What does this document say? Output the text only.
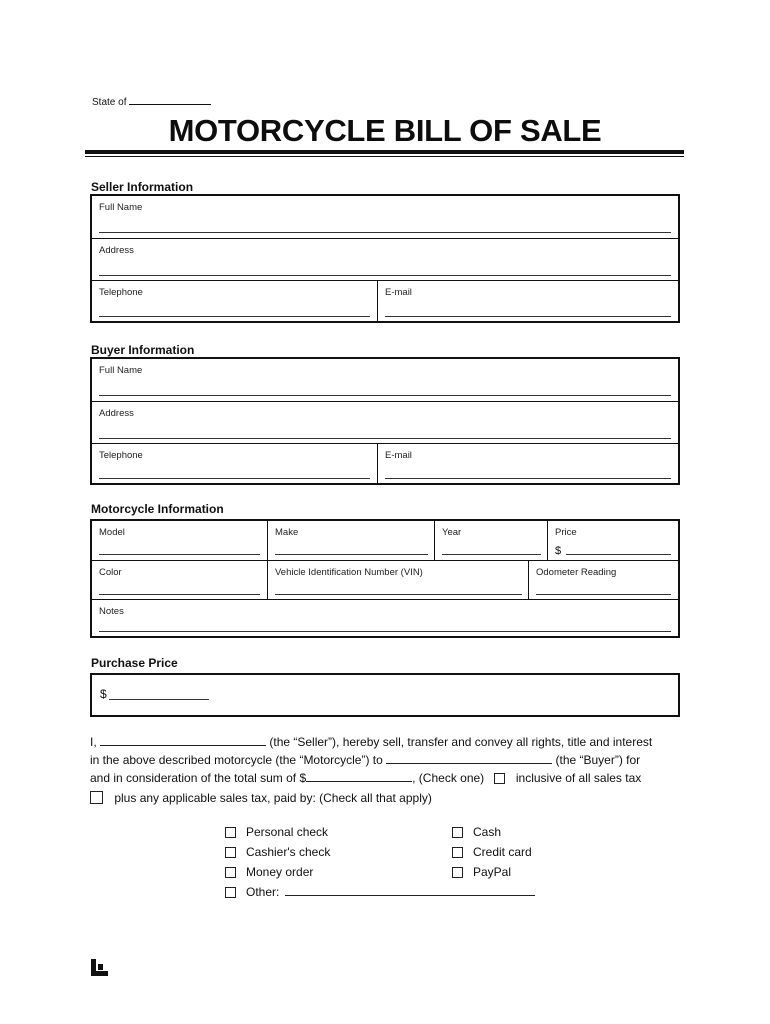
State of
MOTORCYCLE BILL OF SALE
Seller Information
Full Name
Address
Telephone	E-mail
Buyer Information
Full Name
Address
Telephone	E-mail
Motorcycle Information
Model	Make	Year	Price
$
Color	Vehicle Identification Number (VIN)	Odometer Reading
Notes
Purchase Price
$
I,	(the “Seller”), hereby sell, transfer and convey all rights, title and interest
in the above described motorcycle (the “Motorcycle”) to	(the “Buyer”) for
and in consideration of the total sum of $	, (Check one)	inclusive of all sales tax
plus any applicable sales tax, paid by: (Check all that apply)
Personal check
Cashier's check
Money order
Other:
Cash
Credit card
PayPal
